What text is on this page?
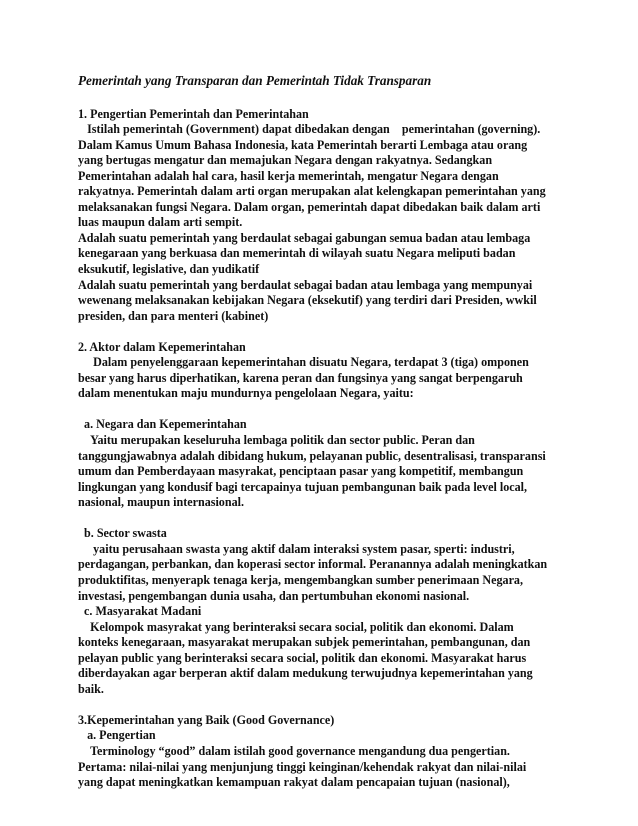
Pemerintah yang Transparan dan Pemerintah Tidak Transparan

1. Pengertian Pemerintah dan Pemerintahan
Istilah pemerintah (Government) dapat dibedakan dengan    pemerintahan (governing).
Dalam Kamus Umum Bahasa Indonesia, kata Pemerintah berarti Lembaga atau orang
yang bertugas mengatur dan memajukan Negara dengan rakyatnya. Sedangkan
Pemerintahan adalah hal cara, hasil kerja memerintah, mengatur Negara dengan
rakyatnya. Pemerintah dalam arti organ merupakan alat kelengkapan pemerintahan yang
melaksanakan fungsi Negara. Dalam organ, pemerintah dapat dibedakan baik dalam arti
luas maupun dalam arti sempit.
Adalah suatu pemerintah yang berdaulat sebagai gabungan semua badan atau lembaga
kenegaraan yang berkuasa dan memerintah di wilayah suatu Negara meliputi badan
eksukutif, legislative, dan yudikatif
Adalah suatu pemerintah yang berdaulat sebagai badan atau lembaga yang mempunyai
wewenang melaksanakan kebijakan Negara (eksekutif) yang terdiri dari Presiden, wwkil
presiden, dan para menteri (kabinet)

2. Aktor dalam Kepemerintahan
Dalam penyelenggaraan kepemerintahan disuatu Negara, terdapat 3 (tiga) omponen
besar yang harus diperhatikan, karena peran dan fungsinya yang sangat berpengaruh
dalam menentukan maju mundurnya pengelolaan Negara, yaitu:

a. Negara dan Kepemerintahan
Yaitu merupakan keseluruha lembaga politik dan sector public. Peran dan
tanggungjawabnya adalah dibidang hukum, pelayanan public, desentralisasi, transparansi
umum dan Pemberdayaan masyrakat, penciptaan pasar yang kompetitif, membangun
lingkungan yang kondusif bagi tercapainya tujuan pembangunan baik pada level local,
nasional, maupun internasional.

b. Sector swasta
yaitu perusahaan swasta yang aktif dalam interaksi system pasar, sperti: industri,
perdagangan, perbankan, dan koperasi sector informal. Peranannya adalah meningkatkan
produktifitas, menyerapk tenaga kerja, mengembangkan sumber penerimaan Negara,
investasi, pengembangan dunia usaha, dan pertumbuhan ekonomi nasional.
c. Masyarakat Madani
Kelompok masyrakat yang berinteraksi secara social, politik dan ekonomi. Dalam
konteks kenegaraan, masyarakat merupakan subjek pemerintahan, pembangunan, dan
pelayan public yang berinteraksi secara social, politik dan ekonomi. Masyarakat harus
diberdayakan agar berperan aktif dalam medukung terwujudnya kepemerintahan yang
baik.

3.Kepemerintahan yang Baik (Good Governance)
a. Pengertian
Terminology “good” dalam istilah good governance mengandung dua pengertian.
Pertama: nilai-nilai yang menjunjung tinggi keinginan/kehendak rakyat dan nilai-nilai
yang dapat meningkatkan kemampuan rakyat dalam pencapaian tujuan (nasional),
